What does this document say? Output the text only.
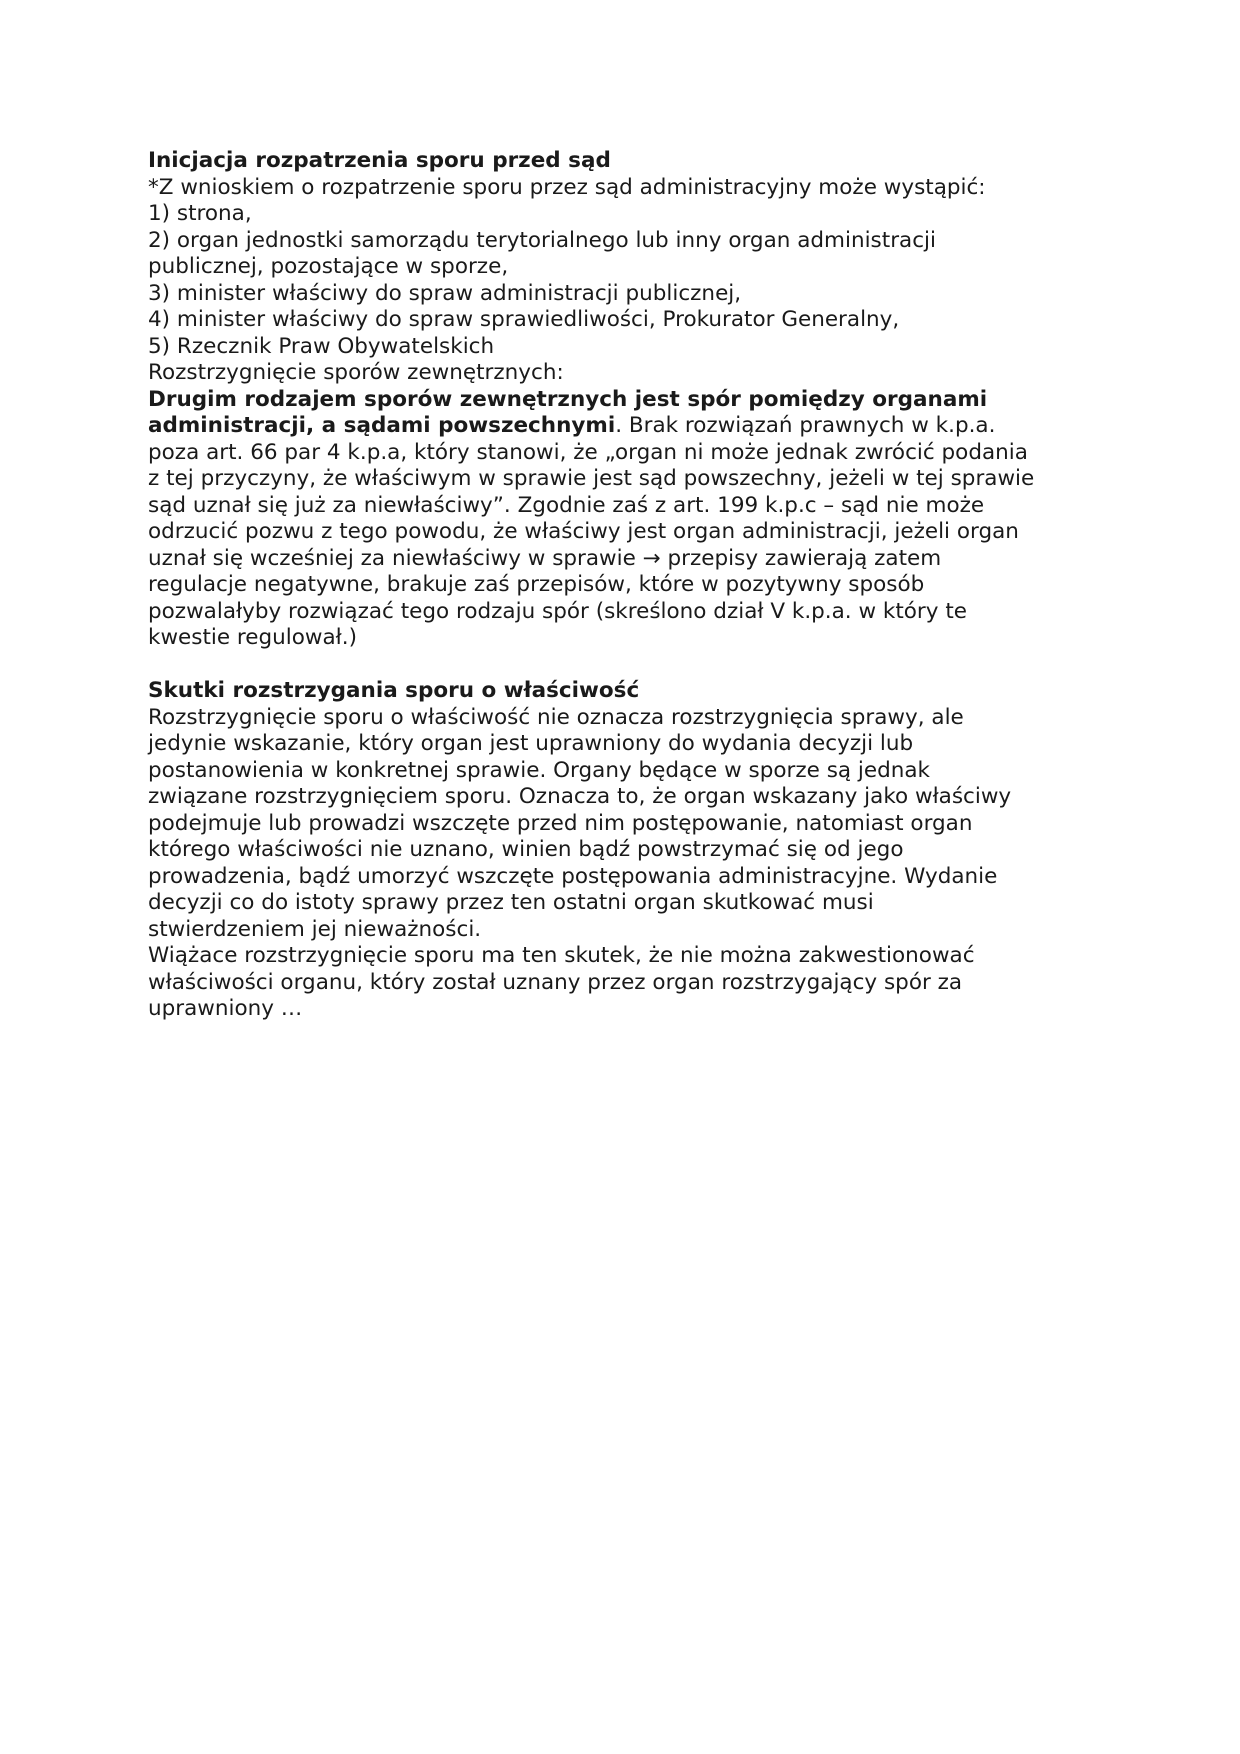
Inicjacja rozpatrzenia sporu przed sąd
*Z wnioskiem o rozpatrzenie sporu przez sąd administracyjny może wystąpić:
1) strona,
2) organ jednostki samorządu terytorialnego lub inny organ administracji
publicznej, pozostające w sporze,
3) minister właściwy do spraw administracji publicznej,
4) minister właściwy do spraw sprawiedliwości, Prokurator Generalny,
5) Rzecznik Praw Obywatelskich
Rozstrzygnięcie sporów zewnętrznych:
Drugim rodzajem sporów zewnętrznych jest spór pomiędzy organami
administracji, a sądami powszechnymi. Brak rozwiązań prawnych w k.p.a.
poza art. 66 par 4 k.p.a, który stanowi, że „organ ni może jednak zwrócić podania
z tej przyczyny, że właściwym w sprawie jest sąd powszechny, jeżeli w tej sprawie
sąd uznał się już za niewłaściwy”. Zgodnie zaś z art. 199 k.p.c – sąd nie może
odrzucić pozwu z tego powodu, że właściwy jest organ administracji, jeżeli organ
uznał się wcześniej za niewłaściwy w sprawie → przepisy zawierają zatem
regulacje negatywne, brakuje zaś przepisów, które w pozytywny sposób
pozwalałyby rozwiązać tego rodzaju spór (skreślono dział V k.p.a. w który te
kwestie regulował.)
Skutki rozstrzygania sporu o właściwość
Rozstrzygnięcie sporu o właściwość nie oznacza rozstrzygnięcia sprawy, ale
jedynie wskazanie, który organ jest uprawniony do wydania decyzji lub
postanowienia w konkretnej sprawie. Organy będące w sporze są jednak
związane rozstrzygnięciem sporu. Oznacza to, że organ wskazany jako właściwy
podejmuje lub prowadzi wszczęte przed nim postępowanie, natomiast organ
którego właściwości nie uznano, winien bądź powstrzymać się od jego
prowadzenia, bądź umorzyć wszczęte postępowania administracyjne. Wydanie
decyzji co do istoty sprawy przez ten ostatni organ skutkować musi
stwierdzeniem jej nieważności.
Wiążace rozstrzygnięcie sporu ma ten skutek, że nie można zakwestionować
właściwości organu, który został uznany przez organ rozstrzygający spór za
uprawniony …
